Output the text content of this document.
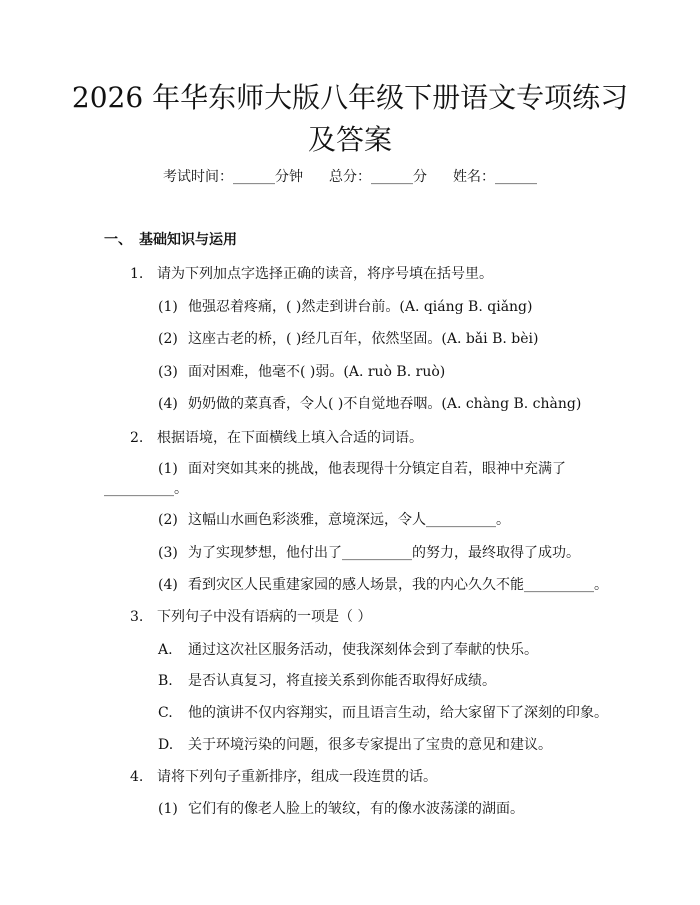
2026 年华东师大版八年级下册语文专项练习
及答案
考试时间：______分钟 总分：______分 姓名：______
一、 基础知识与运用
1. 请为下列加点字选择正确的读音，将序号填在括号里。
(1) 他强忍着疼痛，( )然走到讲台前。(A. qiáng B. qiǎng)
(2) 这座古老的桥，( )经几百年，依然坚固。(A. bǎi B. bèi)
(3) 面对困难，他毫不( )弱。(A. ruò B. ruò)
(4) 奶奶做的菜真香，令人( )不自觉地吞咽。(A. chàng B. chàng)
2. 根据语境，在下面横线上填入合适的词语。
(1) 面对突如其来的挑战，他表现得十分镇定自若，眼神中充满了
__________。
(2) 这幅山水画色彩淡雅，意境深远，令人__________。
(3) 为了实现梦想，他付出了__________的努力，最终取得了成功。
(4) 看到灾区人民重建家园的感人场景，我的内心久久不能__________。
3. 下列句子中没有语病的一项是（ ）
A. 通过这次社区服务活动，使我深刻体会到了奉献的快乐。
B. 是否认真复习，将直接关系到你能否取得好成绩。
C. 他的演讲不仅内容翔实，而且语言生动，给大家留下了深刻的印象。
D. 关于环境污染的问题，很多专家提出了宝贵的意见和建议。
4. 请将下列句子重新排序，组成一段连贯的话。
(1) 它们有的像老人脸上的皱纹，有的像水波荡漾的湖面。
